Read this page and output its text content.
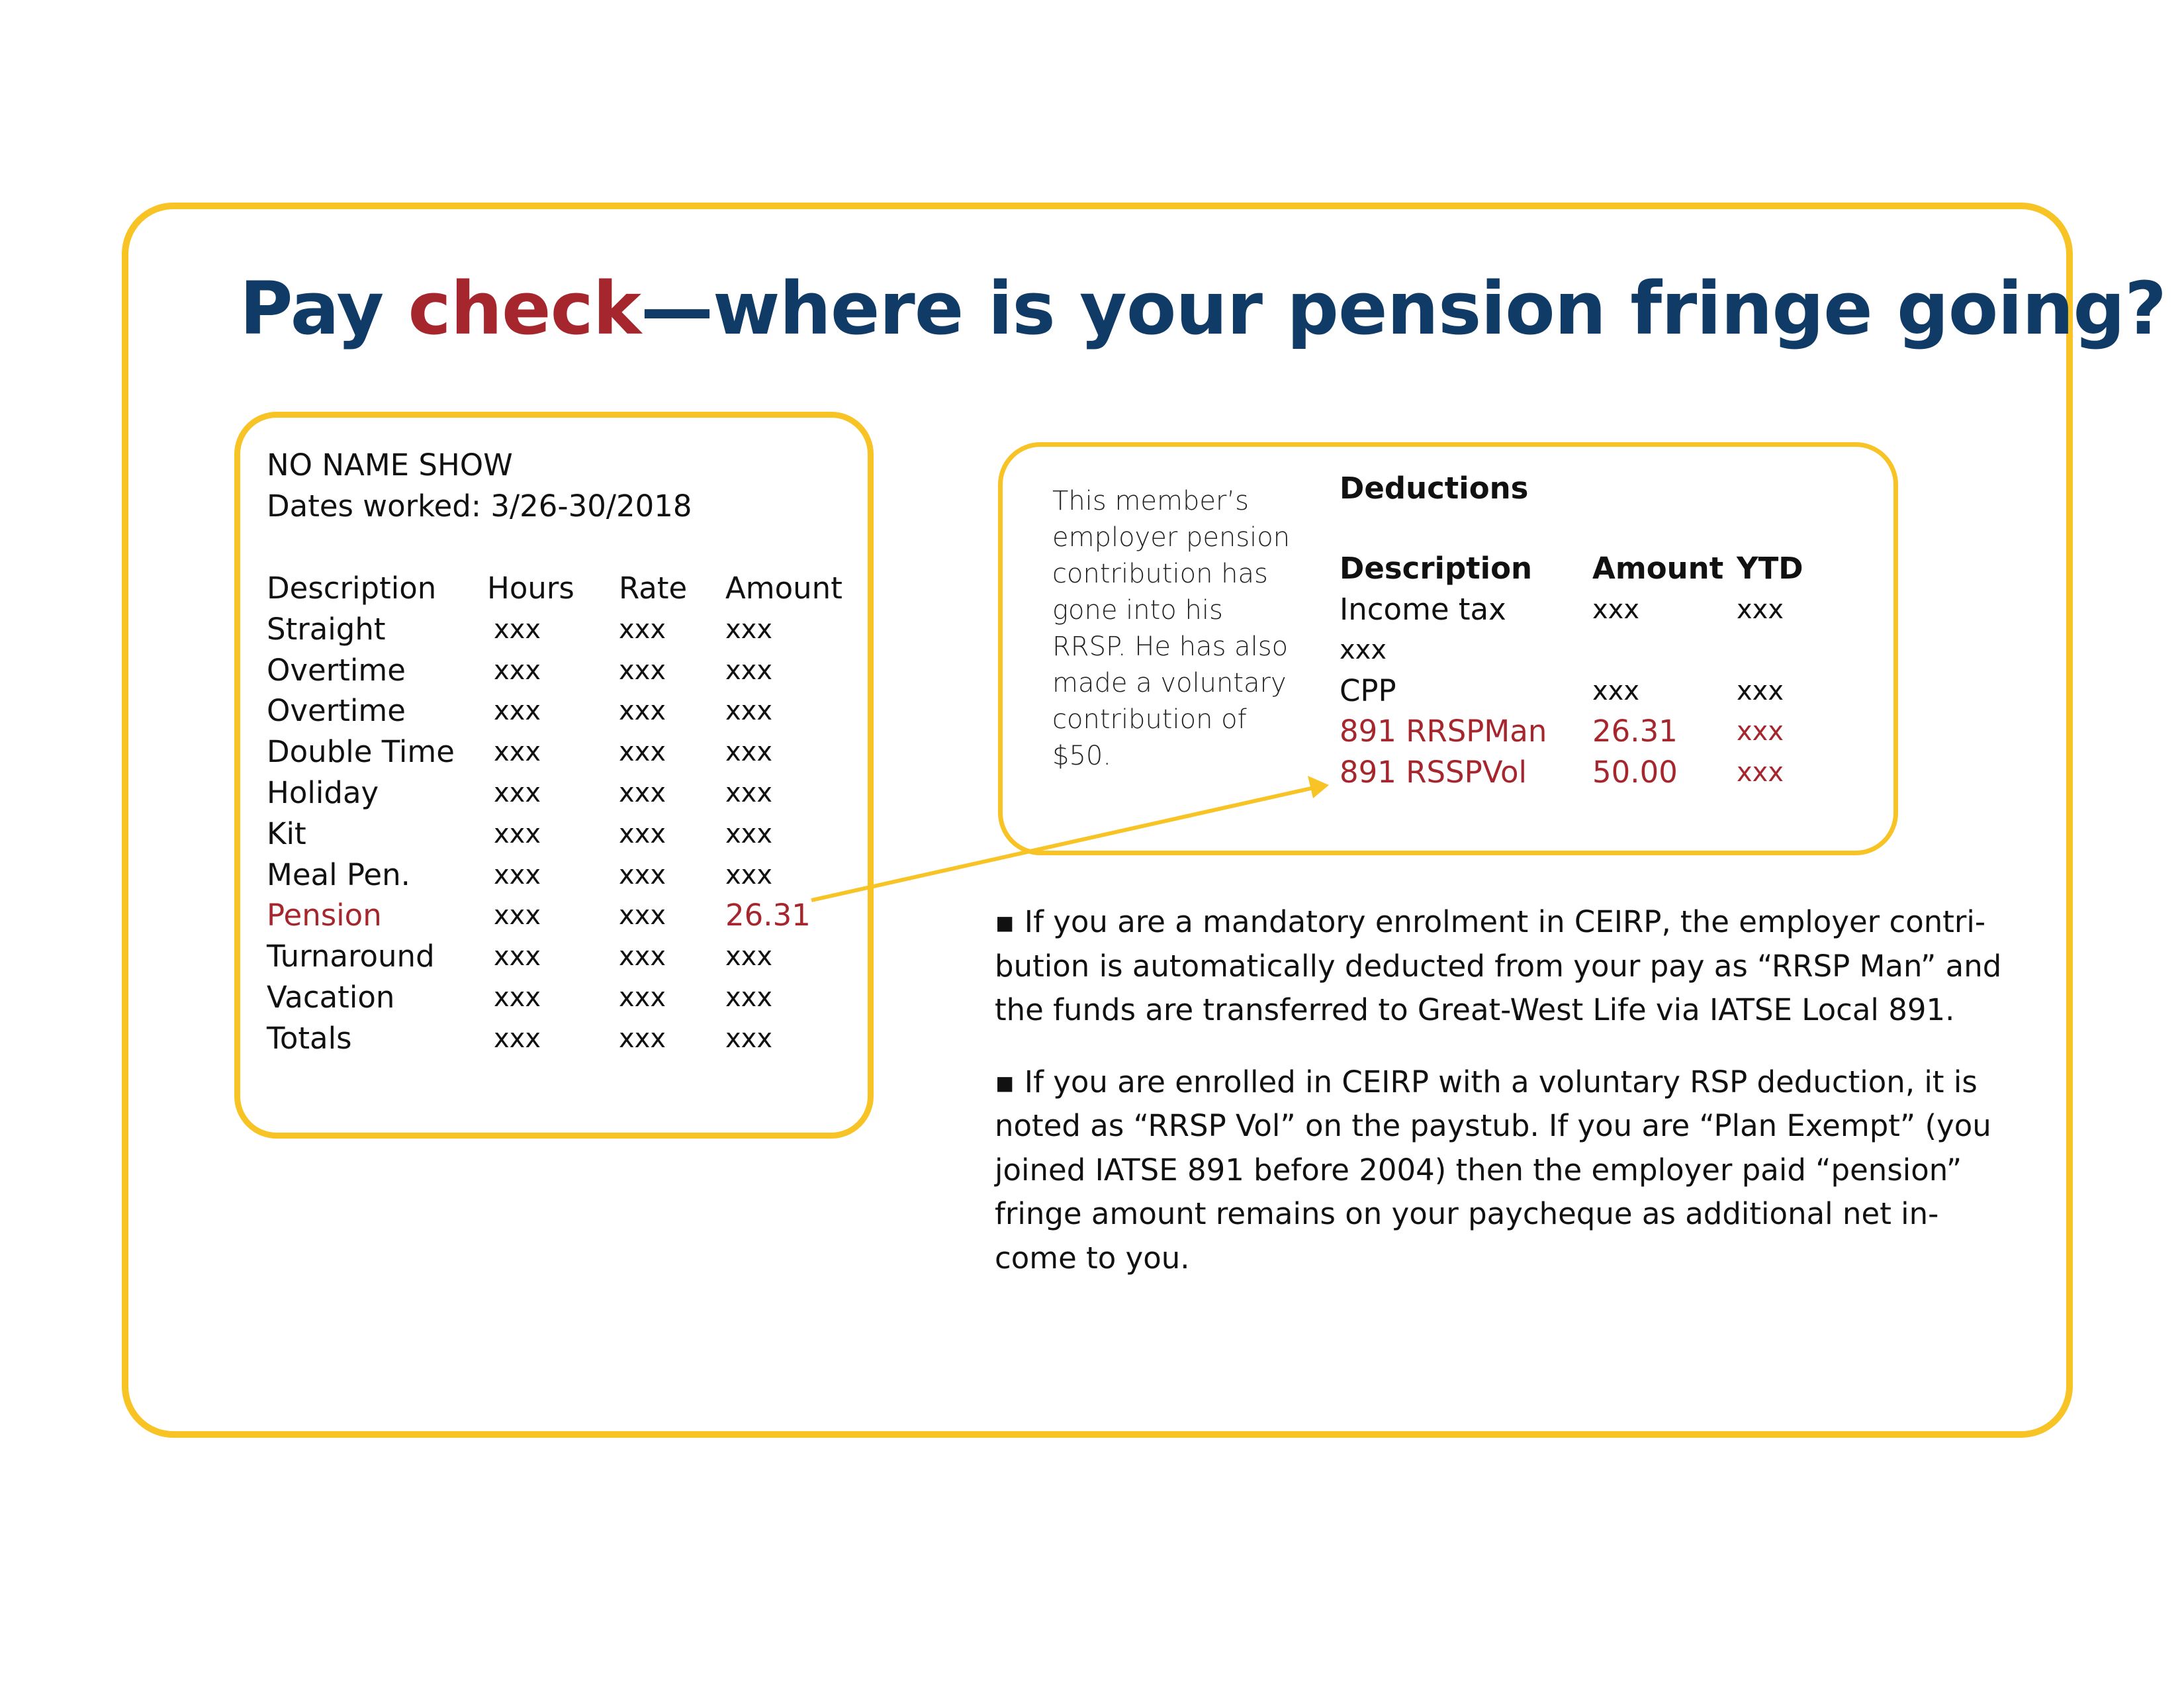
Pay check—where is your pension fringe going?
NO NAME SHOW
Dates worked: 3/26-30/2018
Description Hours Rate Amount
Straight	xxx	xxx xxx
Overtime	xxx	xxx xxx
Overtime	xxx	xxx xxx
Double Time xxx	xxx xxx
Holiday	xxx	xxx xxx
Kit	xxx	xxx xxx
Meal Pen.	xxx	xxx xxx
Pension	xxx	xxx 26.31
Turnaround xxx	xxx xxx
Vacation	xxx	xxx xxx
Totals	xxx	xxx xxx
This member’s employer pension contribution has gone into his RRSP. He has also made a voluntary contribution of $50.
Deductions
Description Amount YTD
Income tax	xxx	xxx
xxx
CPP	xxx	xxx
891 RRSPMan 26.31 xxx
891 RSSPVol 50.00 xxx

▪ If you are a mandatory enrolment in CEIRP, the employer contri-bution is automatically deducted from your pay as “RRSP Man” and the funds are transferred to Great-West Life via IATSE Local 891.

▪ If you are enrolled in CEIRP with a voluntary RSP deduction, it is noted as “RRSP Vol” on the paystub. If you are “Plan Exempt” (you joined IATSE 891 before 2004) then the employer paid “pension” fringe amount remains on your paycheque as additional net in-come to you.
